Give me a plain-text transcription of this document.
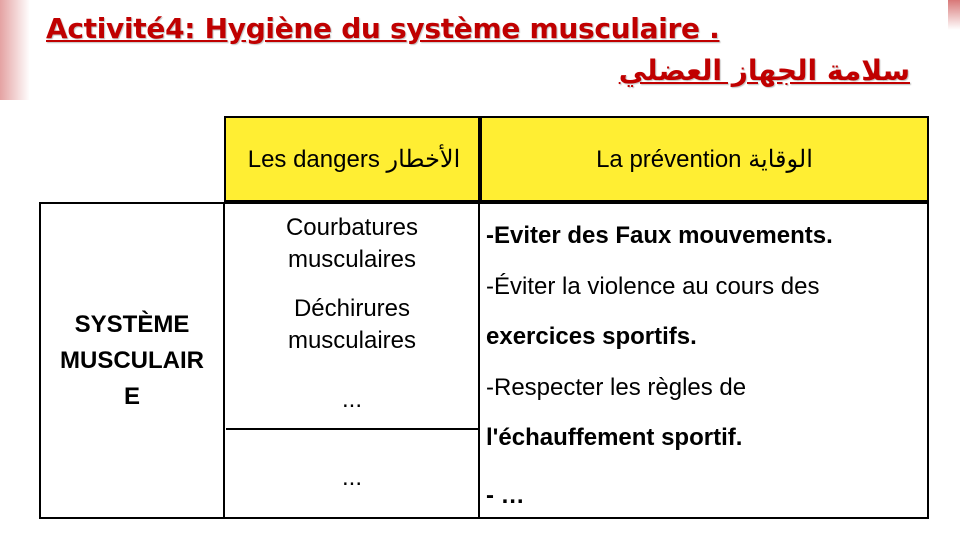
Activité4: Hygiène du système musculaire .
سلامة الجهاز العضلي
Les dangers الأخطار	La prévention الوقاية
SYSTÈME
MUSCULAIR
E
Courbatures
musculaires
Déchirures
musculaires
...
...
-Eviter des Faux mouvements.
-Éviter la violence au cours des
exercices sportifs.
-Respecter les règles de
l'échauffement sportif.
- …
